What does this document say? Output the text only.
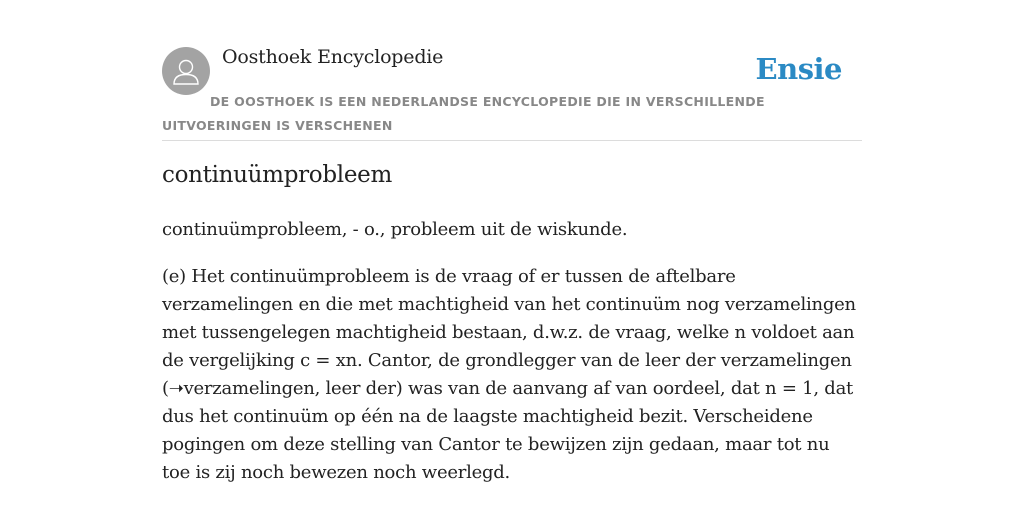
Oosthoek Encyclopedie	Ensie
DE OOSTHOEK IS EEN NEDERLANDSE ENCYCLOPEDIE DIE IN VERSCHILLENDE UITVOERINGEN IS VERSCHENEN
continuümprobleem

continuümprobleem, - o., probleem uit de wiskunde.

(e) Het continuümprobleem is de vraag of er tussen de aftelbare verzamelingen en die met machtigheid van het continuüm nog verzamelingen met tussengelegen machtigheid bestaan, d.w.z. de vraag, welke n voldoet aan de vergelijking c = xn. Cantor, de grondlegger van de leer der verzamelingen (➝verzamelingen, leer der) was van de aanvang af van oordeel, dat n = 1, dat dus het continuüm op één na de laagste machtigheid bezit. Verscheidene pogingen om deze stelling van Cantor te bewijzen zijn gedaan, maar tot nu toe is zij noch bewezen noch weerlegd.
